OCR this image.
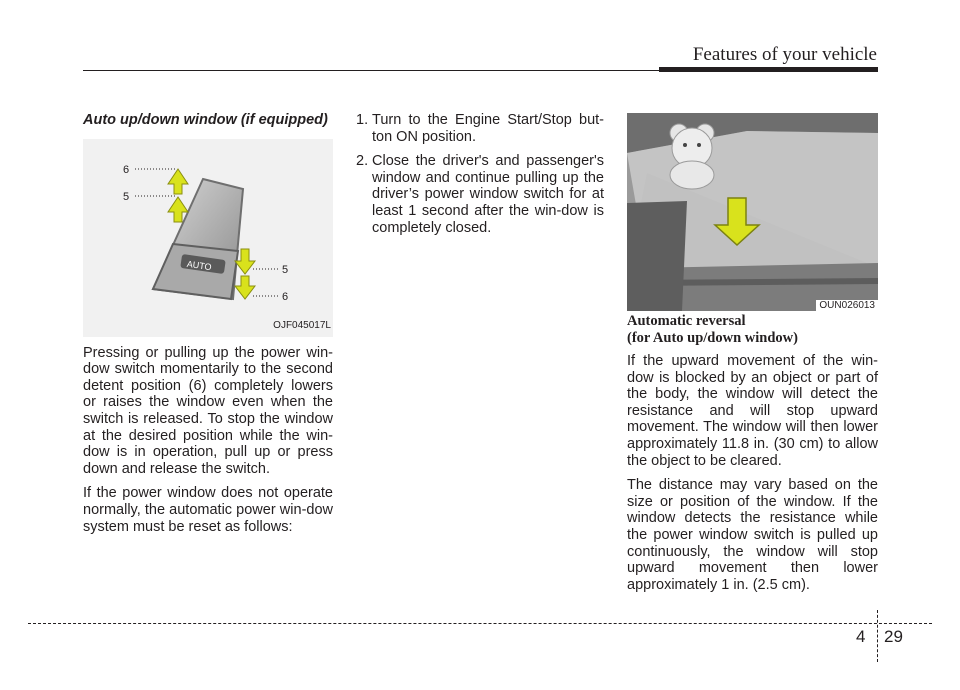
Features of your vehicle
Auto up/down window (if equipped)
AUTO
6
5
5
6
OJF045017L

Pressing or pulling up the power win-dow switch momentarily to the second detent position (6) completely lowers or raises the window even when the switch is released. To stop the window at the desired position while the win-dow is in operation, pull up or press down and release the switch.

If the power window does not operate normally, the automatic power win-dow system must be reset as follows:

1. Turn to the Engine Start/Stop but-ton ON position.
2. Close the driver's and passenger's window and continue pulling up the driver’s power window switch for at least 1 second after the win-dow is completely closed.
OUN026013
Automatic reversal
(for Auto up/down window)

If the upward movement of the win-dow is blocked by an object or part of the body, the window will detect the resistance and will stop upward movement. The window will then lower approximately 11.8 in. (30 cm) to allow the object to be cleared.

The distance may vary based on the size or position of the window. If the window detects the resistance while the power window switch is pulled up continuously, the window will stop upward movement then lower approximately 1 in. (2.5 cm).

4 29
